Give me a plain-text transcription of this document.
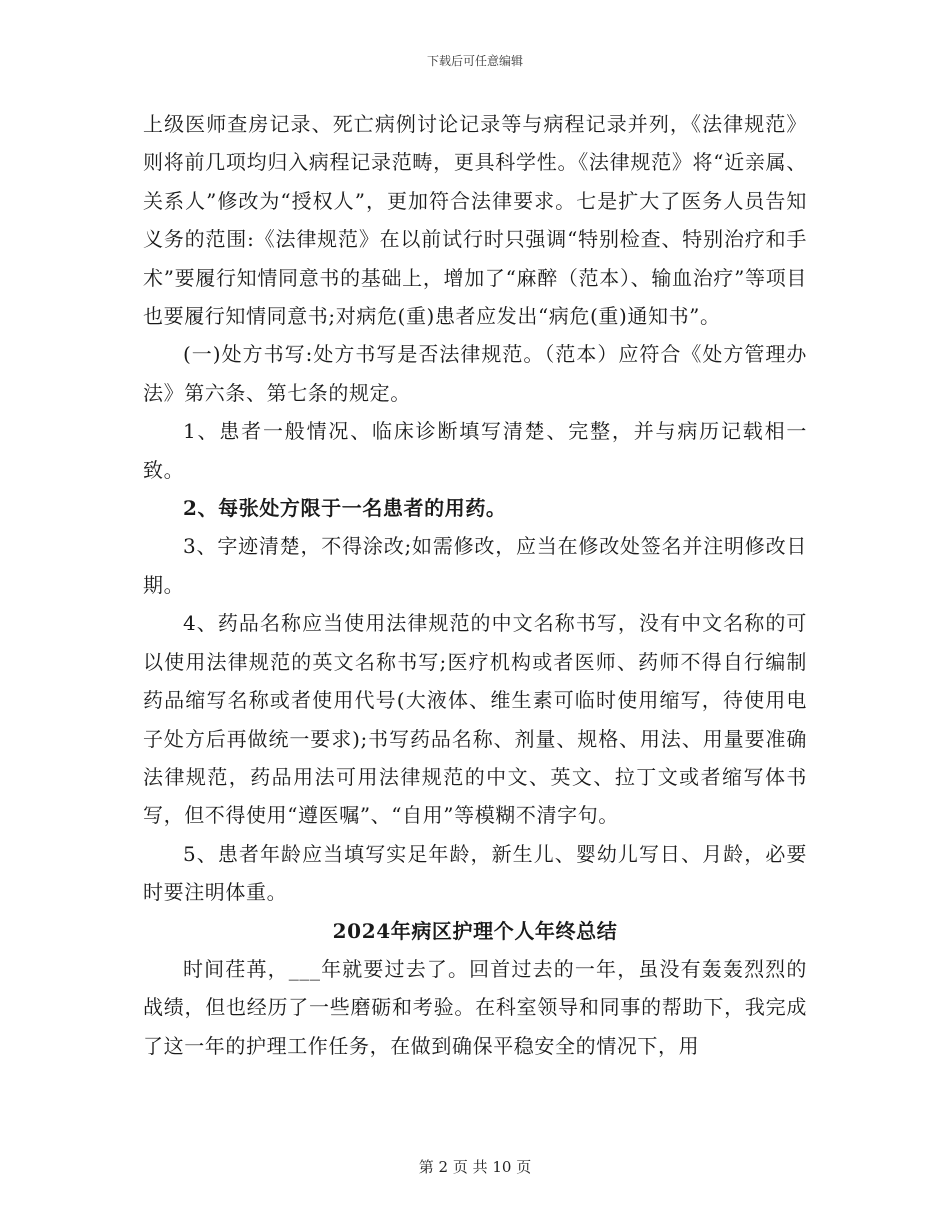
下载后可任意编辑

上级医师查房记录、死亡病例讨论记录等与病程记录并列，《法律规范》则将前几项均归入病程记录范畴，更具科学性。《法律规范》将“近亲属、关系人”修改为“授权人”，更加符合法律要求。七是扩大了医务人员告知义务的范围:《法律规范》在以前试行时只强调“特别检查、特别治疗和手术”要履行知情同意书的基础上，增加了“麻醉（范本）、输血治疗”等项目也要履行知情同意书;对病危(重)患者应发出“病危(重)通知书”。

(一)处方书写:处方书写是否法律规范。（范本）应符合《处方管理办法》第六条、第七条的规定。

1、患者一般情况、临床诊断填写清楚、完整，并与病历记载相一致。

2、每张处方限于一名患者的用药。

3、字迹清楚，不得涂改;如需修改，应当在修改处签名并注明修改日期。

4、药品名称应当使用法律规范的中文名称书写，没有中文名称的可以使用法律规范的英文名称书写;医疗机构或者医师、药师不得自行编制药品缩写名称或者使用代号(大液体、维生素可临时使用缩写，待使用电子处方后再做统一要求);书写药品名称、剂量、规格、用法、用量要准确法律规范，药品用法可用法律规范的中文、英文、拉丁文或者缩写体书写，但不得使用“遵医嘱”、“自用”等模糊不清字句。

5、患者年龄应当填写实足年龄，新生儿、婴幼儿写日、月龄，必要时要注明体重。

2024年病区护理个人年终总结

时间荏苒，___年就要过去了。回首过去的一年，虽没有轰轰烈烈的战绩，但也经历了一些磨砺和考验。在科室领导和同事的帮助下，我完成了这一年的护理工作任务，在做到确保平稳安全的情况下，用

第 2 页 共 10 页
